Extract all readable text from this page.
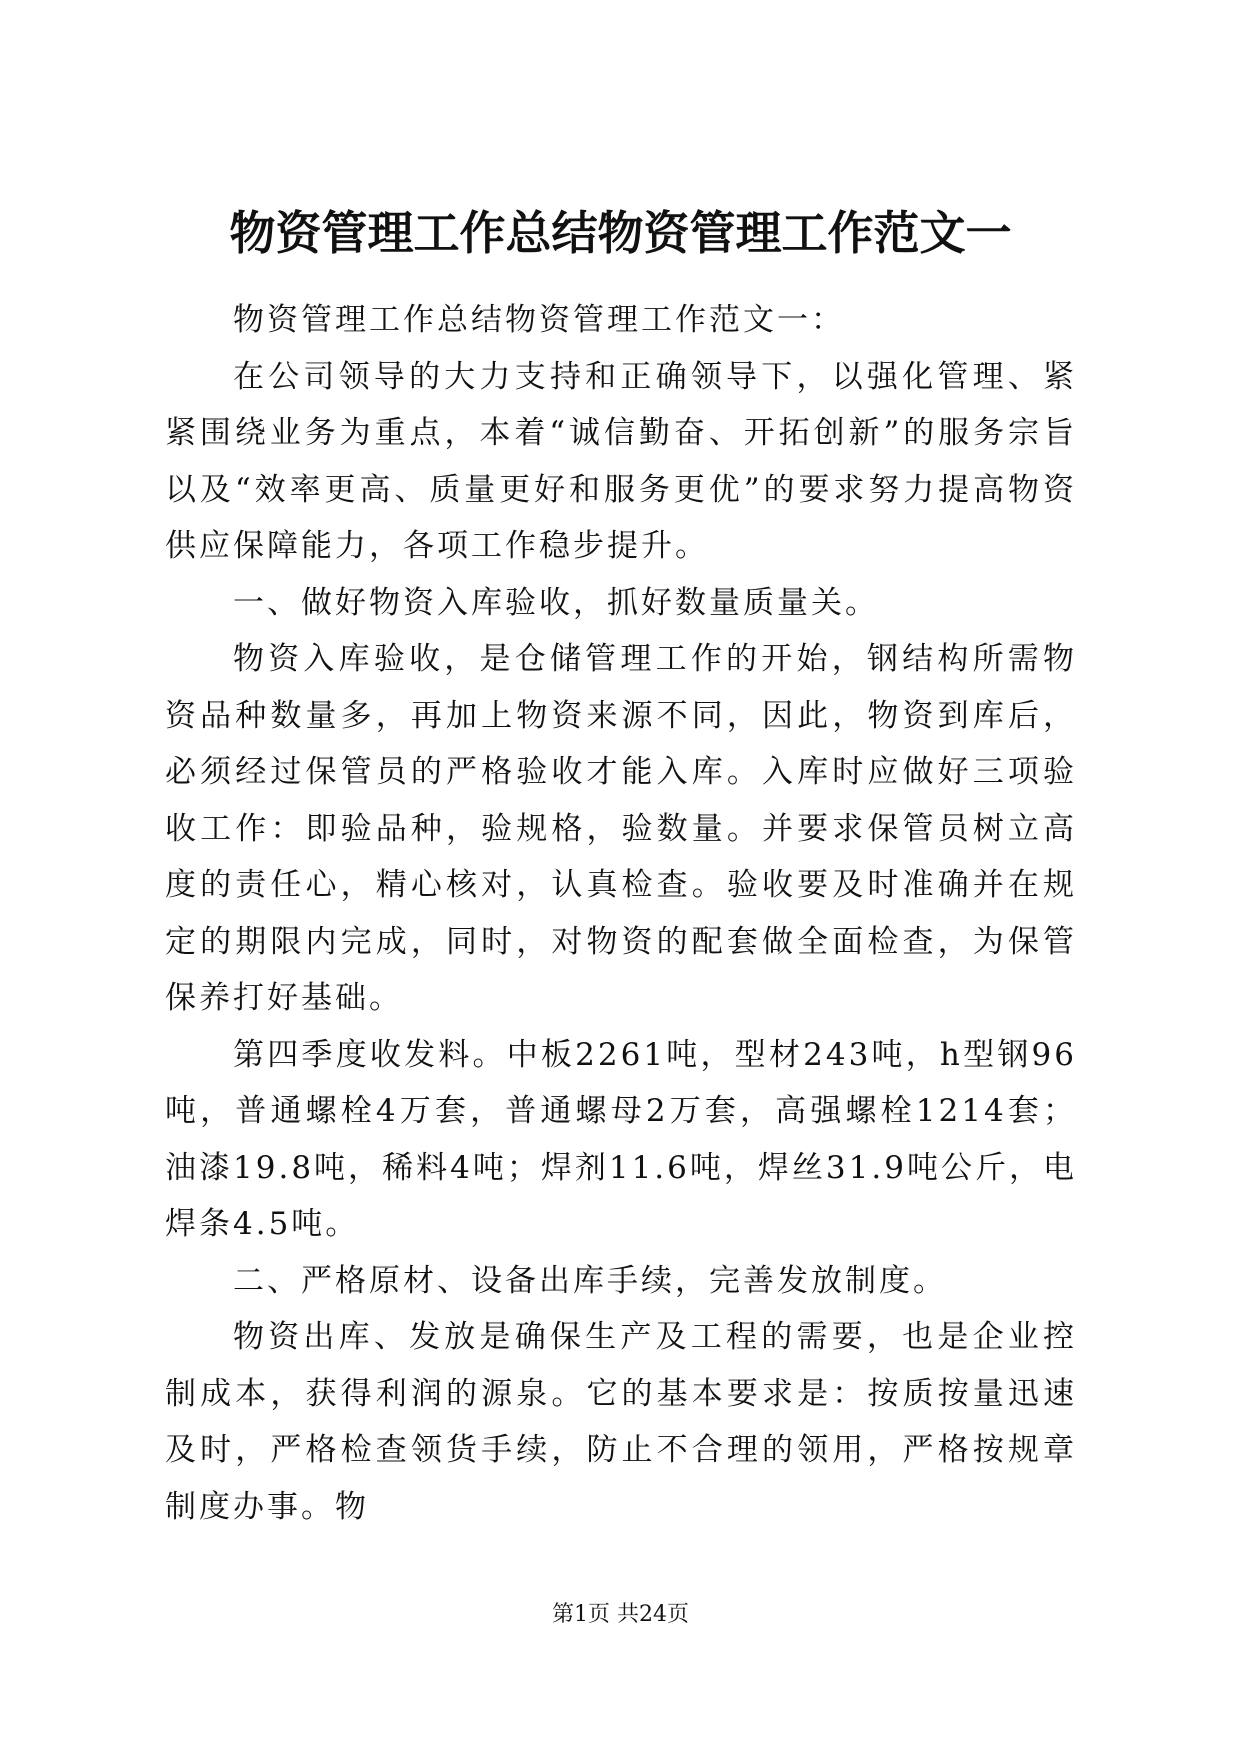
物资管理工作总结物资管理工作范文一

物资管理工作总结物资管理工作范文一：

在公司领导的大力支持和正确领导下，以强化管理、紧紧围绕业务为重点，本着“诚信勤奋、开拓创新”的服务宗旨以及“效率更高、质量更好和服务更优”的要求努力提高物资供应保障能力，各项工作稳步提升。

一、做好物资入库验收，抓好数量质量关。

物资入库验收，是仓储管理工作的开始，钢结构所需物资品种数量多，再加上物资来源不同，因此，物资到库后，必须经过保管员的严格验收才能入库。入库时应做好三项验收工作：即验品种，验规格，验数量。并要求保管员树立高度的责任心，精心核对，认真检查。验收要及时准确并在规定的期限内完成，同时，对物资的配套做全面检查，为保管保养打好基础。

第四季度收发料。中板2261吨，型材243吨，h型钢96吨，普通螺栓4万套，普通螺母2万套，高强螺栓1214套；油漆19.8吨，稀料4吨；焊剂11.6吨，焊丝31.9吨公斤，电焊条4.5吨。

二、严格原材、设备出库手续，完善发放制度。

物资出库、发放是确保生产及工程的需要，也是企业控制成本，获得利润的源泉。它的基本要求是：按质按量迅速及时，严格检查领货手续，防止不合理的领用，严格按规章制度办事。物

第1页 共24页
